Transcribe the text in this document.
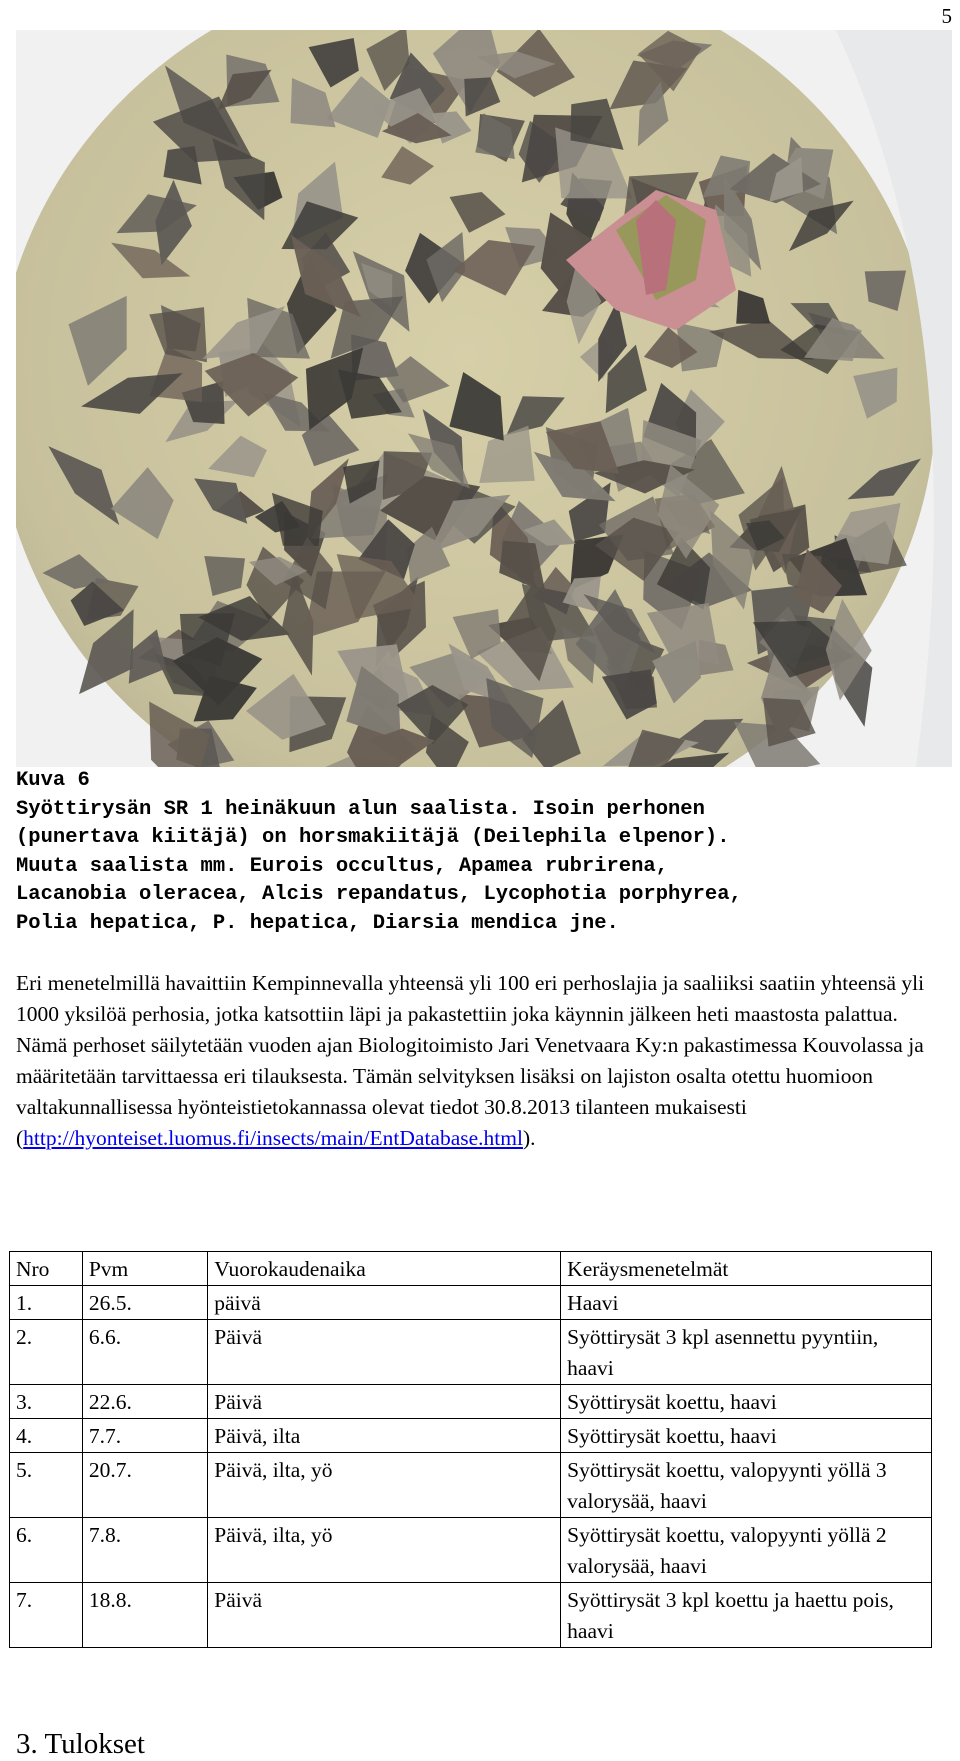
5
Kuva 6
Syöttirysän SR 1 heinäkuun alun saalista. Isoin perhonen
(punertava kiitäjä) on horsmakiitäjä (Deilephila elpenor).
Muuta saalista mm. Eurois occultus, Apamea rubrirena,
Lacanobia oleracea, Alcis repandatus, Lycophotia porphyrea,
Polia hepatica, P. hepatica, Diarsia mendica jne.
Eri menetelmillä havaittiin Kempinnevalla yhteensä yli 100 eri perhoslajia ja saaliiksi saatiin yhteensä yli 1000 yksilöä perhosia, jotka katsottiin läpi ja pakastettiin joka käynnin jälkeen heti maastosta palattua. Nämä perhoset säilytetään vuoden ajan Biologitoimisto Jari Venetvaara Ky:n pakastimessa Kouvolassa ja määritetään tarvittaessa eri tilauksesta. Tämän selvityksen lisäksi on lajiston osalta otettu huomioon valtakunnallisessa hyönteistietokannassa olevat tiedot 30.8.2013 tilanteen mukaisesti (http://hyonteiset.luomus.fi/insects/main/EntDatabase.html).
Nro	Pvm	Vuorokaudenaika	Keräysmenetelmät
1.	26.5.	päivä	Haavi
2.	6.6.	Päivä	Syöttirysät 3 kpl asennettu pyyntiin, haavi
3.	22.6.	Päivä	Syöttirysät koettu, haavi
4.	7.7.	Päivä, ilta	Syöttirysät koettu, haavi
5.	20.7.	Päivä, ilta, yö	Syöttirysät koettu, valopyynti yöllä 3 valorysää, haavi
6.	7.8.	Päivä, ilta, yö	Syöttirysät koettu, valopyynti yöllä 2 valorysää, haavi
7.	18.8.	Päivä	Syöttirysät 3 kpl koettu ja haettu pois, haavi
3. Tulokset
